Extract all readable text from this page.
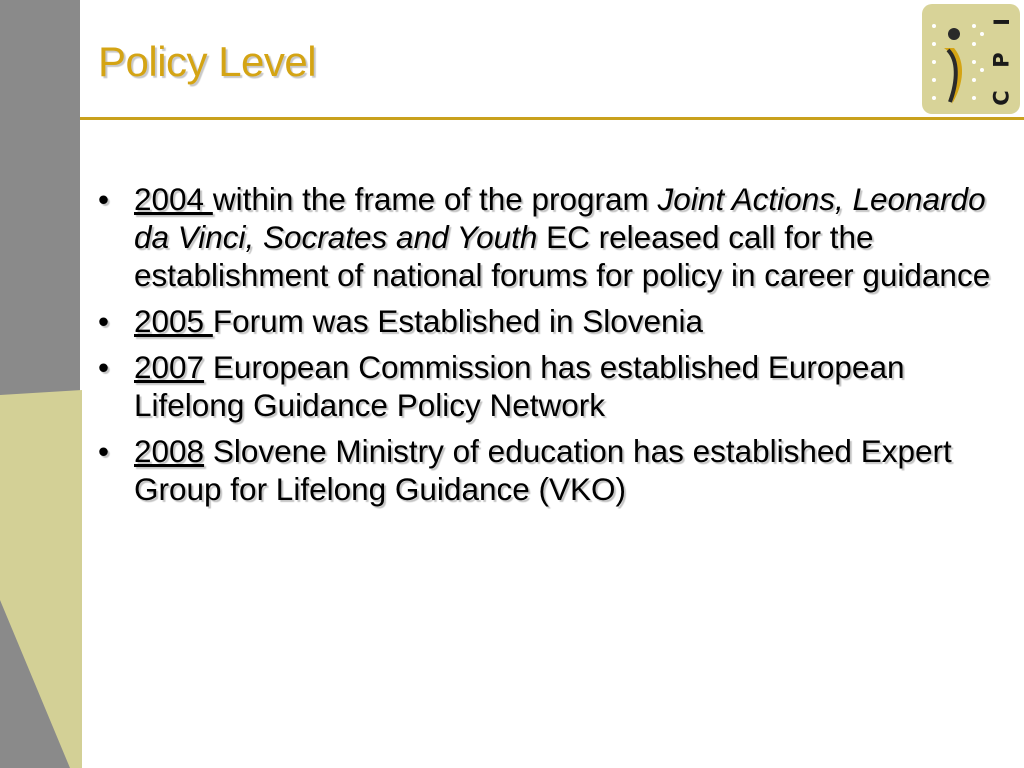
Policy Level
I
P
C
• 2004 within the frame of the program Joint Actions, Leonardo da Vinci, Socrates and Youth EC released call for the establishment of national forums for policy in career guidance
• 2005 Forum was Established in Slovenia
• 2007 European Commission has established European Lifelong Guidance Policy Network
• 2008 Slovene Ministry of education has established Expert Group for Lifelong Guidance (VKO)
